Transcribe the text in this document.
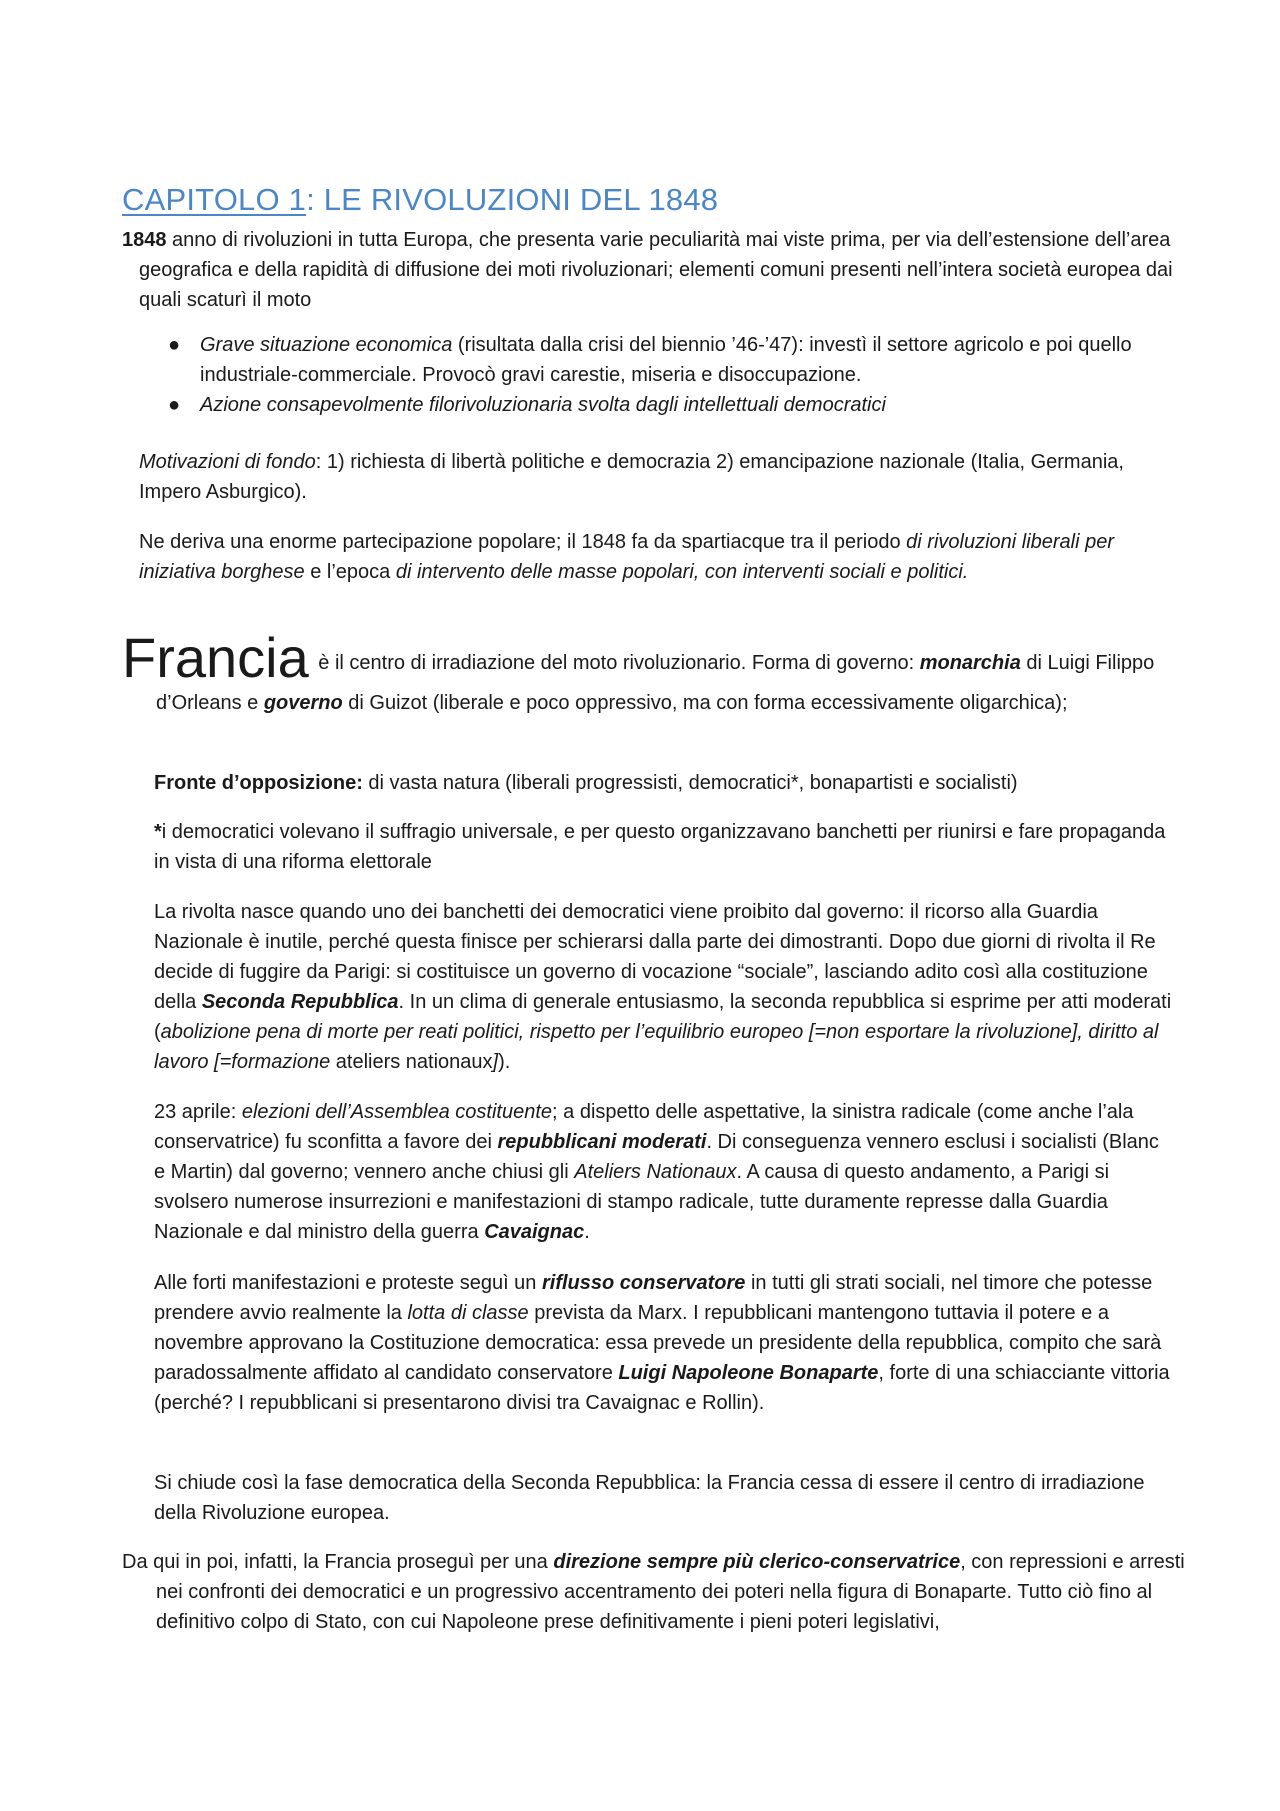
CAPITOLO 1: LE RIVOLUZIONI DEL 1848

1848 anno di rivoluzioni in tutta Europa, che presenta varie peculiarità mai viste prima, per via dell’estensione dell’area geografica e della rapidità di diffusione dei moti rivoluzionari; elementi comuni presenti nell’intera società europea dai quali scaturì il moto

● Grave situazione economica (risultata dalla crisi del biennio ’46-’47): investì il settore agricolo e poi quello industriale-commerciale. Provocò gravi carestie, miseria e disoccupazione.
● Azione consapevolmente filorivoluzionaria svolta dagli intellettuali democratici

Motivazioni di fondo: 1) richiesta di libertà politiche e democrazia 2) emancipazione nazionale (Italia, Germania, Impero Asburgico).

Ne deriva una enorme partecipazione popolare; il 1848 fa da spartiacque tra il periodo di rivoluzioni liberali per iniziativa borghese e l’epoca di intervento delle masse popolari, con interventi sociali e politici.

Francia è il centro di irradiazione del moto rivoluzionario. Forma di governo: monarchia di Luigi Filippo d’Orleans e governo di Guizot (liberale e poco oppressivo, ma con forma eccessivamente oligarchica);

Fronte d’opposizione: di vasta natura (liberali progressisti, democratici*, bonapartisti e socialisti)

*i democratici volevano il suffragio universale, e per questo organizzavano banchetti per riunirsi e fare propaganda in vista di una riforma elettorale

La rivolta nasce quando uno dei banchetti dei democratici viene proibito dal governo: il ricorso alla Guardia Nazionale è inutile, perché questa finisce per schierarsi dalla parte dei dimostranti. Dopo due giorni di rivolta il Re decide di fuggire da Parigi: si costituisce un governo di vocazione “sociale”, lasciando adito così alla costituzione della Seconda Repubblica. In un clima di generale entusiasmo, la seconda repubblica si esprime per atti moderati (abolizione pena di morte per reati politici, rispetto per l’equilibrio europeo [=non esportare la rivoluzione], diritto al lavoro [=formazione ateliers nationaux]).

23 aprile: elezioni dell’Assemblea costituente; a dispetto delle aspettative, la sinistra radicale (come anche l’ala conservatrice) fu sconfitta a favore dei repubblicani moderati. Di conseguenza vennero esclusi i socialisti (Blanc e Martin) dal governo; vennero anche chiusi gli Ateliers Nationaux. A causa di questo andamento, a Parigi si svolsero numerose insurrezioni e manifestazioni di stampo radicale, tutte duramente represse dalla Guardia Nazionale e dal ministro della guerra Cavaignac.

Alle forti manifestazioni e proteste seguì un riflusso conservatore in tutti gli strati sociali, nel timore che potesse prendere avvio realmente la lotta di classe prevista da Marx. I repubblicani mantengono tuttavia il potere e a novembre approvano la Costituzione democratica: essa prevede un presidente della repubblica, compito che sarà paradossalmente affidato al candidato conservatore Luigi Napoleone Bonaparte, forte di una schiacciante vittoria (perché? I repubblicani si presentarono divisi tra Cavaignac e Rollin).

Si chiude così la fase democratica della Seconda Repubblica: la Francia cessa di essere il centro di irradiazione della Rivoluzione europea.

Da qui in poi, infatti, la Francia proseguì per una direzione sempre più clerico-conservatrice, con repressioni e arresti nei confronti dei democratici e un progressivo accentramento dei poteri nella figura di Bonaparte. Tutto ciò fino al definitivo colpo di Stato, con cui Napoleone prese definitivamente i pieni poteri legislativi,
